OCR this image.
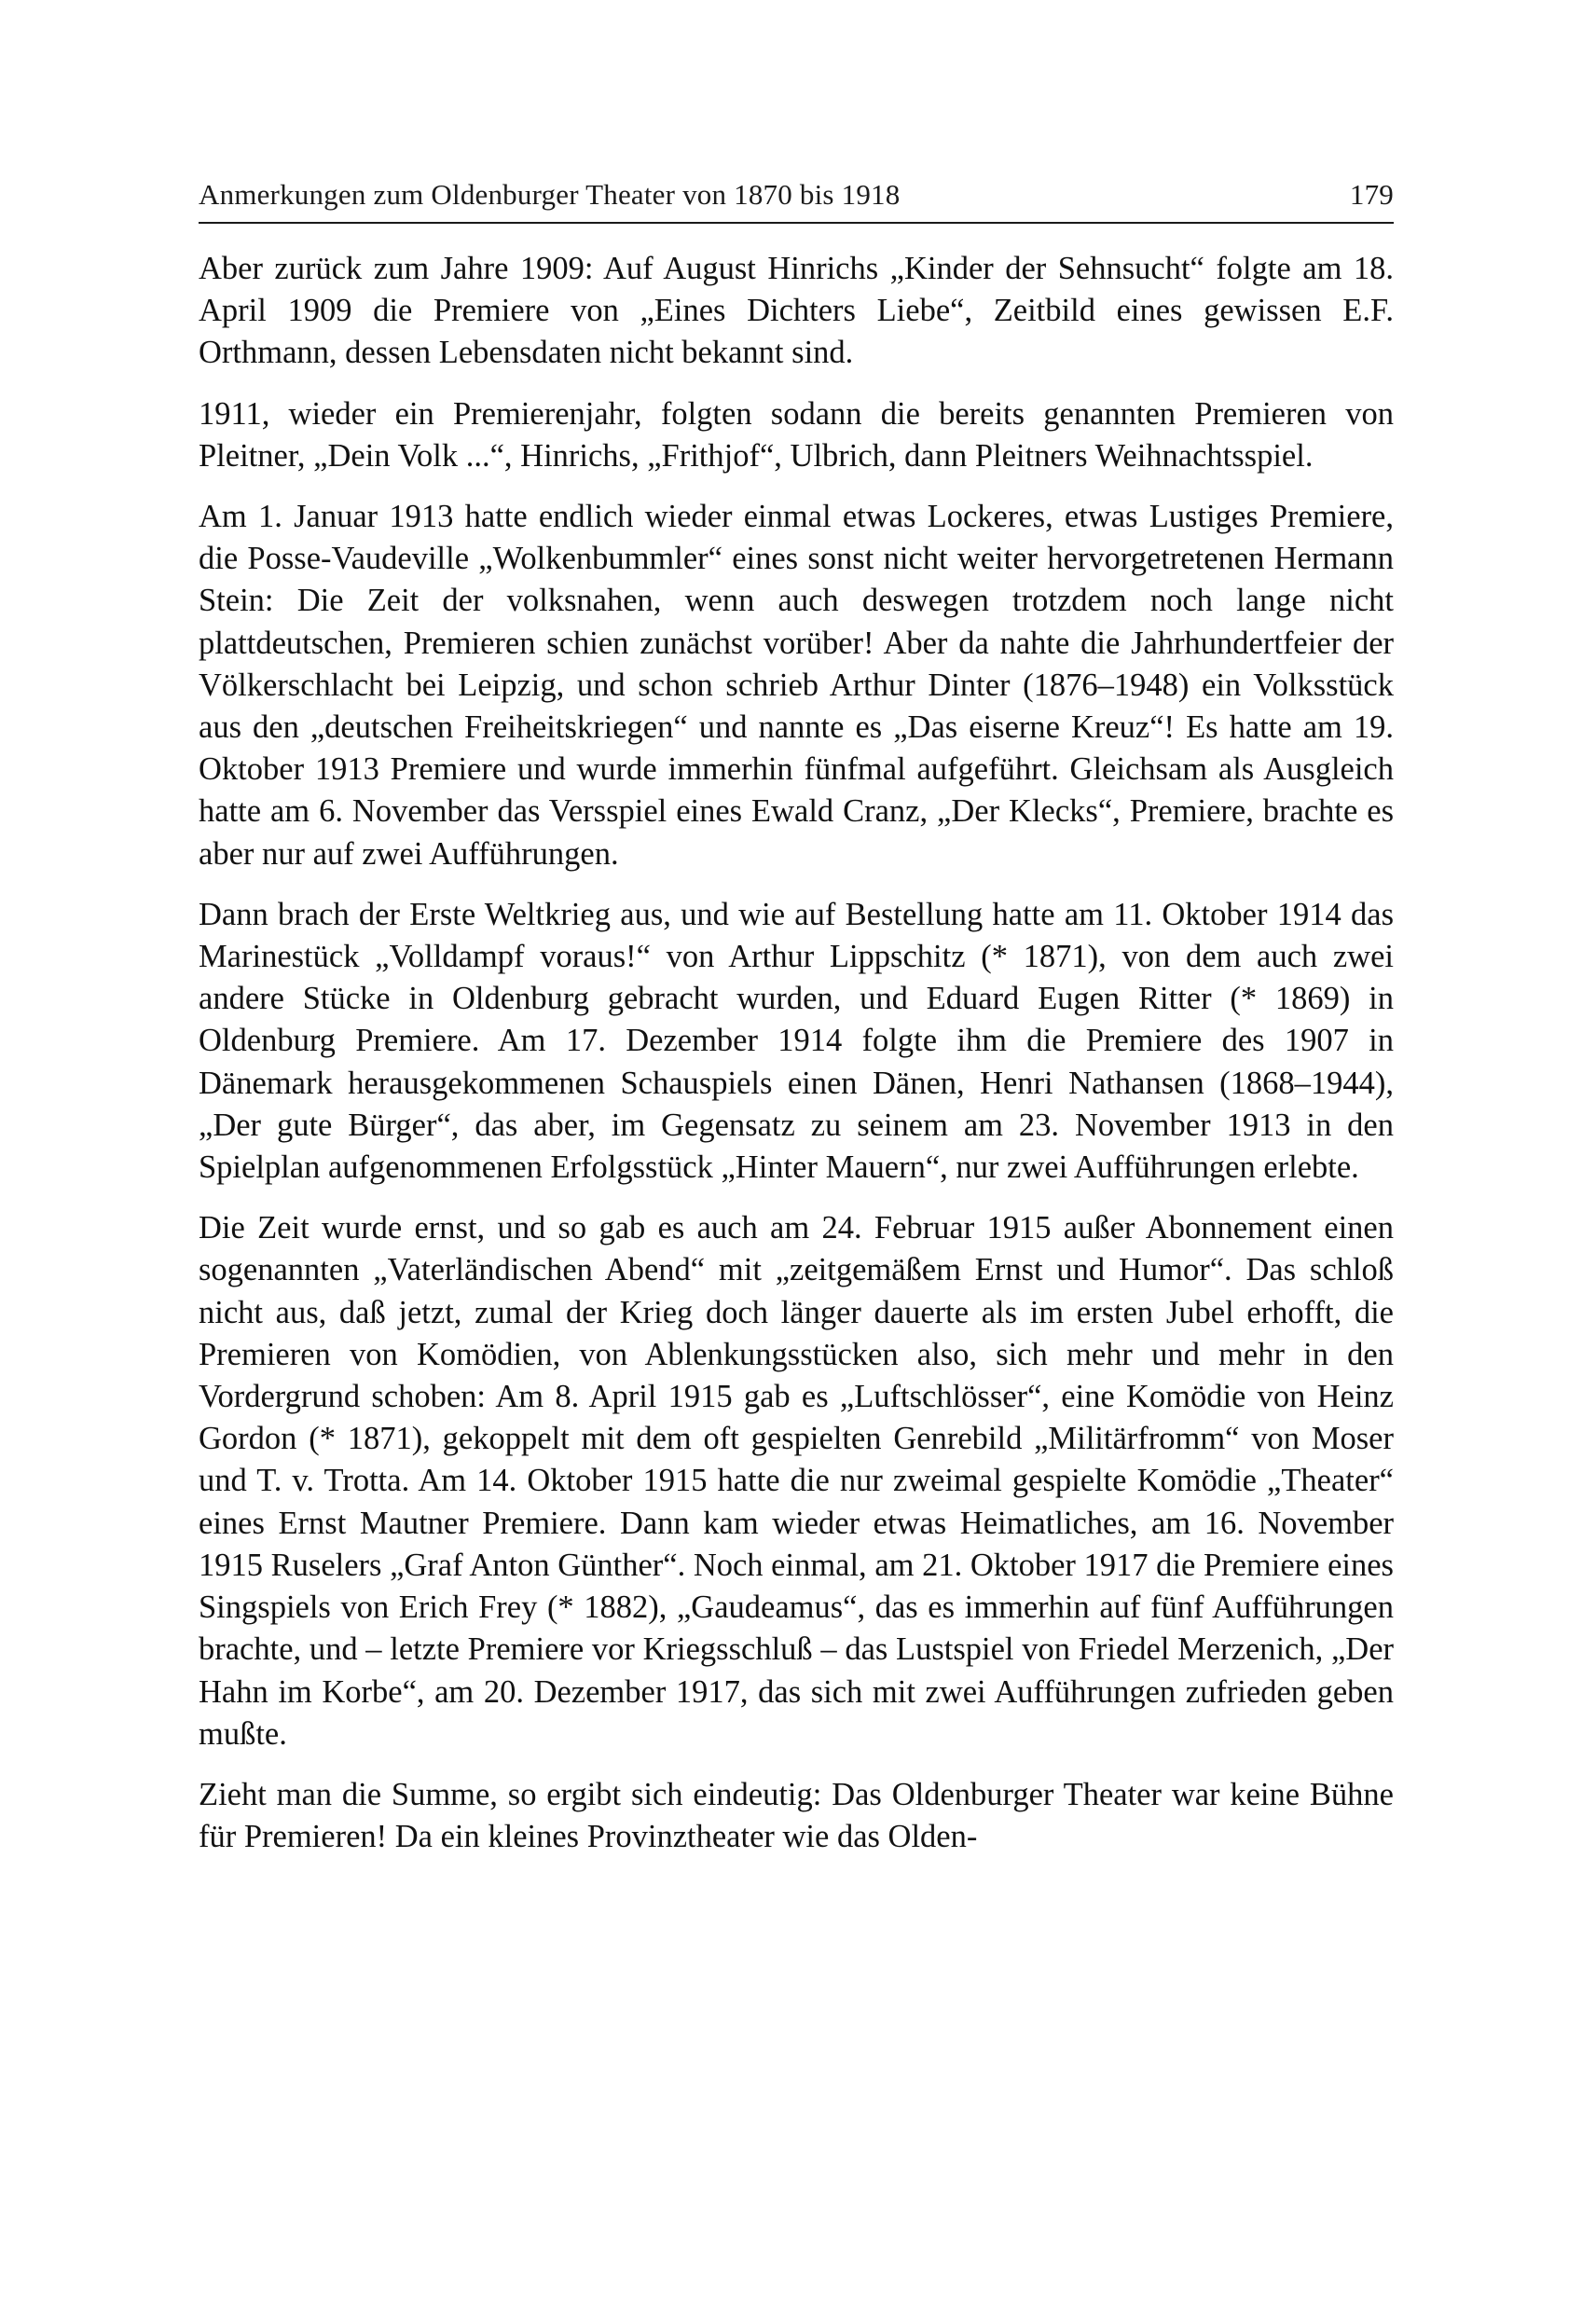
Anmerkungen zum Oldenburger Theater von 1870 bis 1918	179

Aber zurück zum Jahre 1909: Auf August Hinrichs „Kinder der Sehnsucht“ folgte am 18. April 1909 die Premiere von „Eines Dichters Liebe“, Zeitbild eines gewissen E.F. Orthmann, dessen Lebensdaten nicht bekannt sind.

1911, wieder ein Premierenjahr, folgten sodann die bereits genannten Premieren von Pleitner, „Dein Volk ...“, Hinrichs, „Frithjof“, Ulbrich, dann Pleitners Weihnachtsspiel.

Am 1. Januar 1913 hatte endlich wieder einmal etwas Lockeres, etwas Lustiges Premiere, die Posse-Vaudeville „Wolkenbummler“ eines sonst nicht weiter hervorgetretenen Hermann Stein: Die Zeit der volksnahen, wenn auch deswegen trotzdem noch lange nicht plattdeutschen, Premieren schien zunächst vorüber! Aber da nahte die Jahrhundertfeier der Völkerschlacht bei Leipzig, und schon schrieb Arthur Dinter (1876–1948) ein Volksstück aus den „deutschen Freiheitskriegen“ und nannte es „Das eiserne Kreuz“! Es hatte am 19. Oktober 1913 Premiere und wurde immerhin fünfmal aufgeführt. Gleichsam als Ausgleich hatte am 6. November das Versspiel eines Ewald Cranz, „Der Klecks“, Premiere, brachte es aber nur auf zwei Aufführungen.

Dann brach der Erste Weltkrieg aus, und wie auf Bestellung hatte am 11. Oktober 1914 das Marinestück „Volldampf voraus!“ von Arthur Lippschitz (* 1871), von dem auch zwei andere Stücke in Oldenburg gebracht wurden, und Eduard Eugen Ritter (* 1869) in Oldenburg Premiere. Am 17. Dezember 1914 folgte ihm die Premiere des 1907 in Dänemark herausgekommenen Schauspiels einen Dänen, Henri Nathansen (1868–1944), „Der gute Bürger“, das aber, im Gegensatz zu seinem am 23. November 1913 in den Spielplan aufgenommenen Erfolgsstück „Hinter Mauern“, nur zwei Aufführungen erlebte.

Die Zeit wurde ernst, und so gab es auch am 24. Februar 1915 außer Abonnement einen sogenannten „Vaterländischen Abend“ mit „zeitgemäßem Ernst und Humor“. Das schloß nicht aus, daß jetzt, zumal der Krieg doch länger dauerte als im ersten Jubel erhofft, die Premieren von Komödien, von Ablenkungsstücken also, sich mehr und mehr in den Vordergrund schoben: Am 8. April 1915 gab es „Luftschlösser“, eine Komödie von Heinz Gordon (* 1871), gekoppelt mit dem oft gespielten Genrebild „Militärfromm“ von Moser und T. v. Trotta. Am 14. Oktober 1915 hatte die nur zweimal gespielte Komödie „Theater“ eines Ernst Mautner Premiere. Dann kam wieder etwas Heimatliches, am 16. November 1915 Ruselers „Graf Anton Günther“. Noch einmal, am 21. Oktober 1917 die Premiere eines Singspiels von Erich Frey (* 1882), „Gaudeamus“, das es immerhin auf fünf Aufführungen brachte, und – letzte Premiere vor Kriegsschluß – das Lustspiel von Friedel Merzenich, „Der Hahn im Korbe“, am 20. Dezember 1917, das sich mit zwei Aufführungen zufrieden geben mußte.

Zieht man die Summe, so ergibt sich eindeutig: Das Oldenburger Theater war keine Bühne für Premieren! Da ein kleines Provinztheater wie das Olden-
